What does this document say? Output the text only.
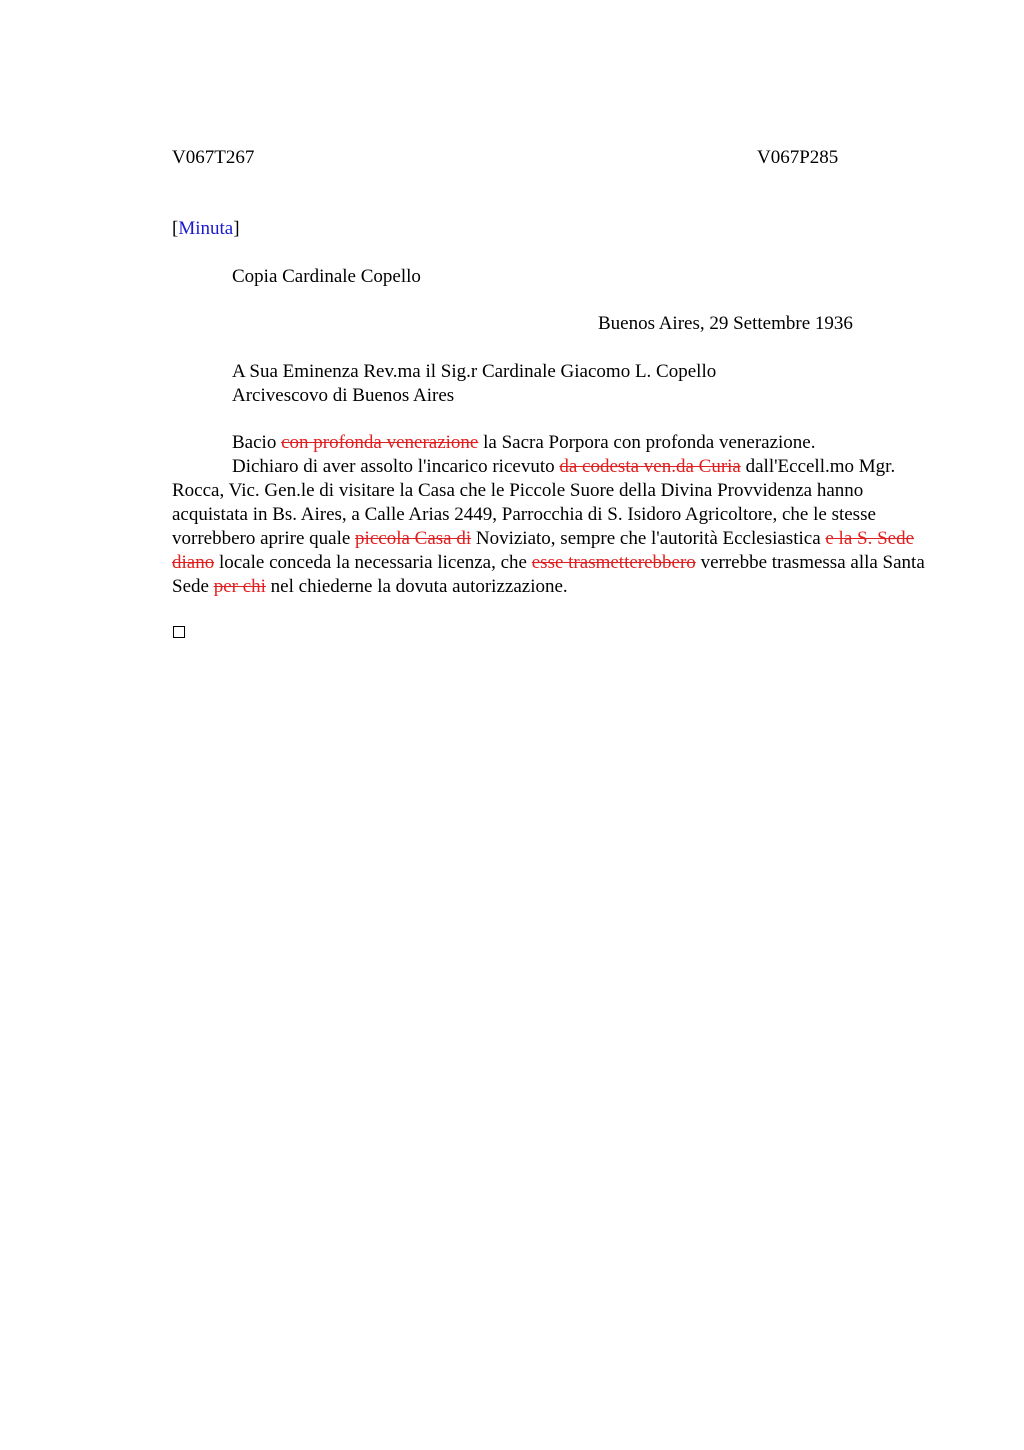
V067T267	V067P285
[Minuta]
Copia Cardinale Copello
Buenos Aires, 29 Settembre 1936
A Sua Eminenza Rev.ma il Sig.r Cardinale Giacomo L. Copello
Arcivescovo di Buenos Aires
Bacio con profonda venerazione la Sacra Porpora con profonda venerazione.
Dichiaro di aver assolto l'incarico ricevuto da codesta ven.da Curia dall'Eccell.mo Mgr. Rocca, Vic. Gen.le di visitare la Casa che le Piccole Suore della Divina Provvidenza hanno acquistata in Bs. Aires, a Calle Arias 2449, Parrocchia di S. Isidoro Agricoltore, che le stesse vorrebbero aprire quale piccola Casa di Noviziato, sempre che l'autorità Ecclesiastica e la S. Sede diano locale conceda la necessaria licenza, che esse trasmetterebbero verrebbe trasmessa alla Santa Sede per chi nel chiederne la dovuta autorizzazione.
